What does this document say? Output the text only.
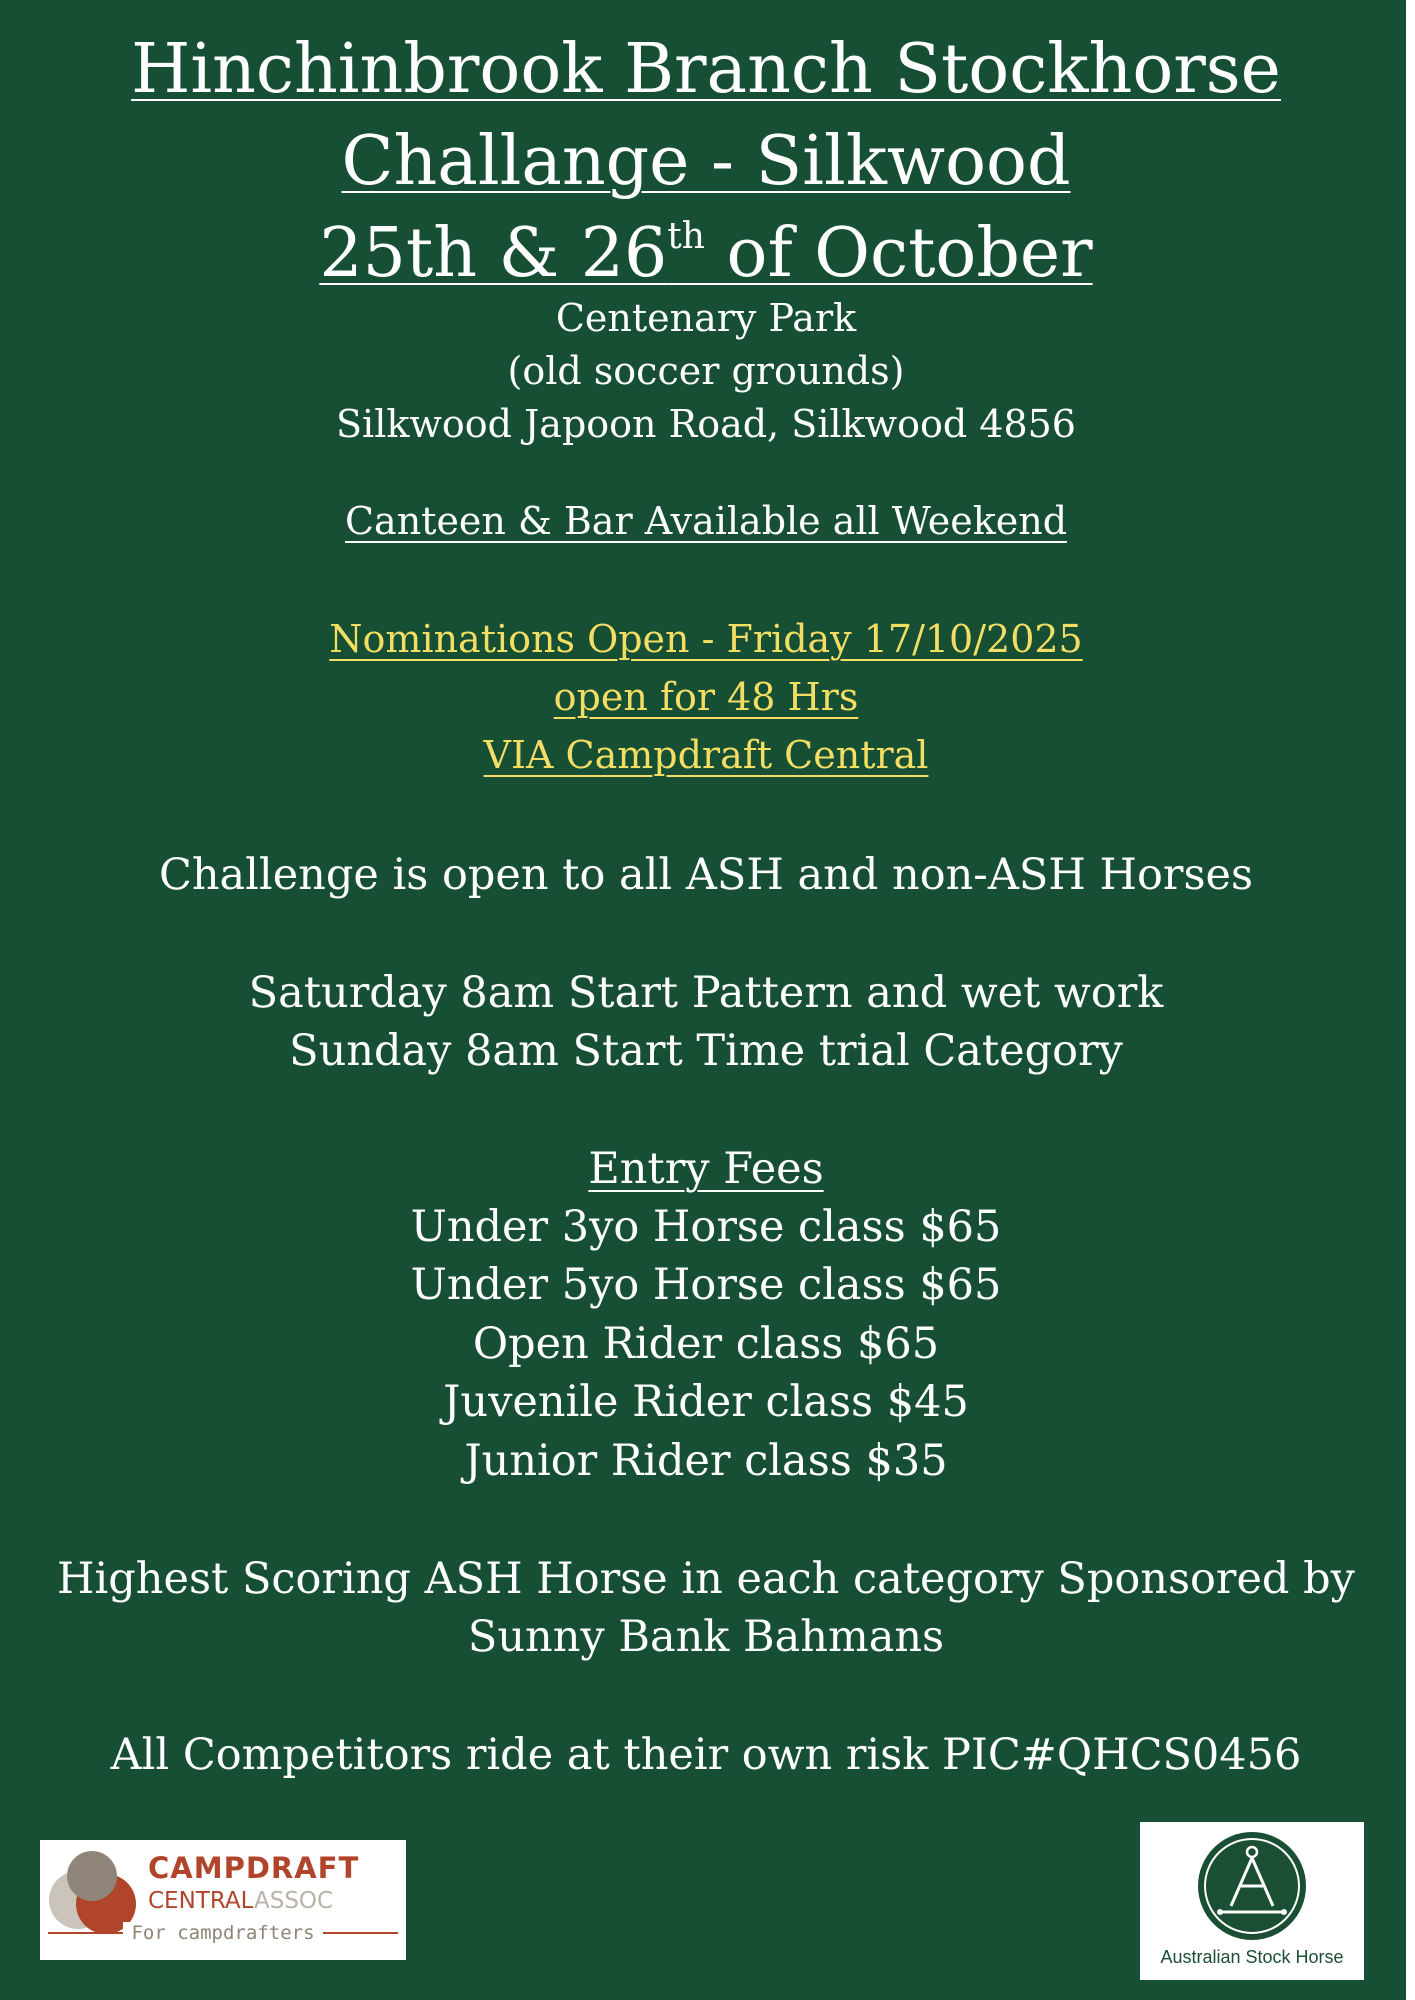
Hinchinbrook Branch Stockhorse
Challange - Silkwood
25th & 26th of October
Centenary Park
(old soccer grounds)
Silkwood Japoon Road, Silkwood 4856
Canteen & Bar Available all Weekend
Nominations Open - Friday 17/10/2025
open for 48 Hrs
VIA Campdraft Central
Challenge is open to all ASH and non-ASH Horses
Saturday 8am Start Pattern and wet work
Sunday 8am Start Time trial Category
Entry Fees
Under 3yo Horse class $65
Under 5yo Horse class $65
Open Rider class $65
Juvenile Rider class $45
Junior Rider class $35
Highest Scoring ASH Horse in each category Sponsored by
Sunny Bank Bahmans
All Competitors ride at their own risk PIC#QHCS0456
CAMPDRAFT
CENTRALASSOC
For campdrafters
Australian Stock Horse
